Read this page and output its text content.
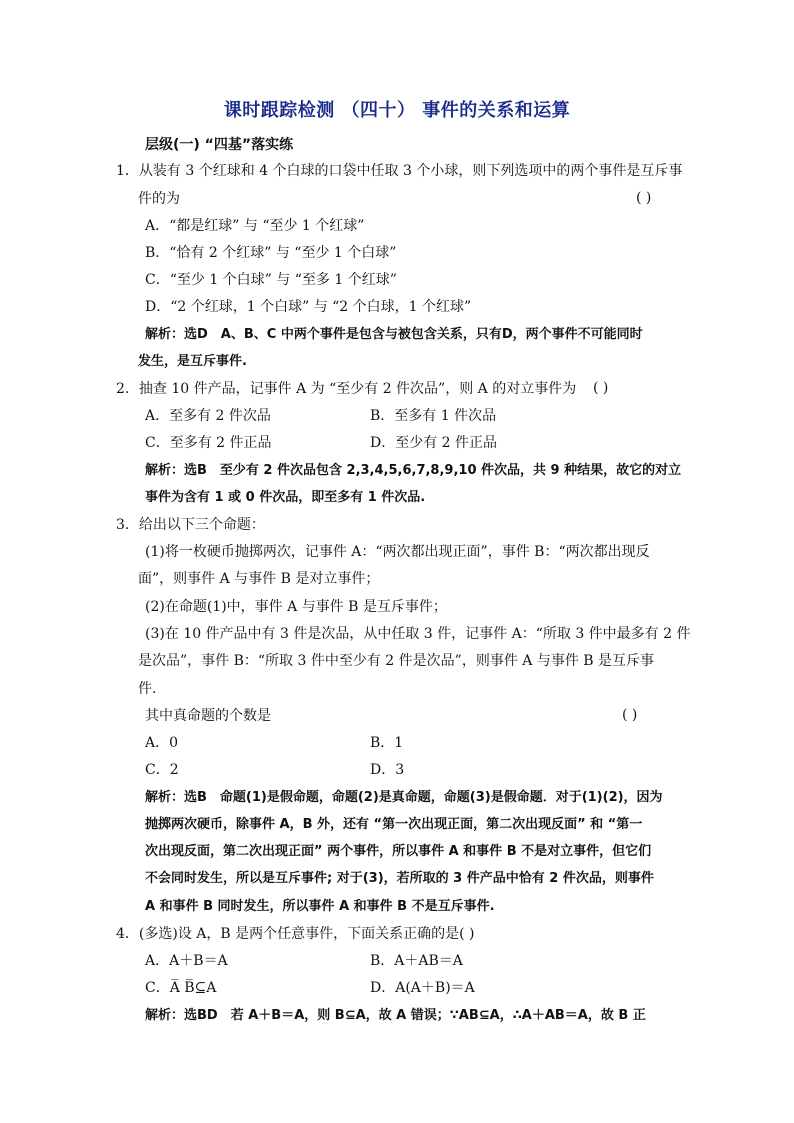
课时跟踪检测 （四十） 事件的关系和运算
层级(一) “四基”落实练
1．从装有 3 个红球和 4 个白球的口袋中任取 3 个小球，则下列选项中的两个事件是互斥事
件的为	( )
A．“都是红球” 与 “至少 1 个红球”
B．“恰有 2 个红球” 与 “至少 1 个白球”
C．“至少 1 个白球” 与 “至多 1 个红球”
D．“2 个红球，1 个白球” 与 “2 个白球，1 个红球”
解析：选D　A、B、C 中两个事件是包含与被包含关系，只有D，两个事件不可能同时
发生，是互斥事件.
2．抽查 10 件产品，记事件 A 为 “至少有 2 件次品”，则 A 的对立事件为 ( )
A．至多有 2 件次品	B．至多有 1 件次品
C．至多有 2 件正品	D．至少有 2 件正品
解析：选B　至少有 2 件次品包含 2,3,4,5,6,7,8,9,10 件次品，共 9 种结果，故它的对立
事件为含有 1 或 0 件次品，即至多有 1 件次品.
3．给出以下三个命题：
(1)将一枚硬币抛掷两次，记事件 A：“两次都出现正面”，事件 B：“两次都出现反
面”，则事件 A 与事件 B 是对立事件；
(2)在命题(1)中，事件 A 与事件 B 是互斥事件；
(3)在 10 件产品中有 3 件是次品，从中任取 3 件，记事件 A：“所取 3 件中最多有 2 件
是次品”，事件 B：“所取 3 件中至少有 2 件是次品”，则事件 A 与事件 B 是互斥事
件.
其中真命题的个数是	( )
A．0	B．1
C．2	D．3
解析：选B　命题(1)是假命题，命题(2)是真命题，命题(3)是假命题．对于(1)(2)，因为
抛掷两次硬币，除事件 A，B 外，还有 “第一次出现正面，第二次出现反面” 和 “第一
次出现反面，第二次出现正面” 两个事件，所以事件 A 和事件 B 不是对立事件，但它们
不会同时发生，所以是互斥事件; 对于(3)，若所取的 3 件产品中恰有 2 件次品，则事件
A 和事件 B 同时发生，所以事件 A 和事件 B 不是互斥事件.
4．(多选)设 A，B 是两个任意事件，下面关系正确的是( )
A．A＋B＝A	B．A＋AB＝A
C．A̅ B̅⊆A	D．A(A＋B)＝A
解析：选BD　若 A＋B＝A，则 B⊆A，故 A 错误；∵AB⊆A，∴A＋AB＝A，故 B 正
